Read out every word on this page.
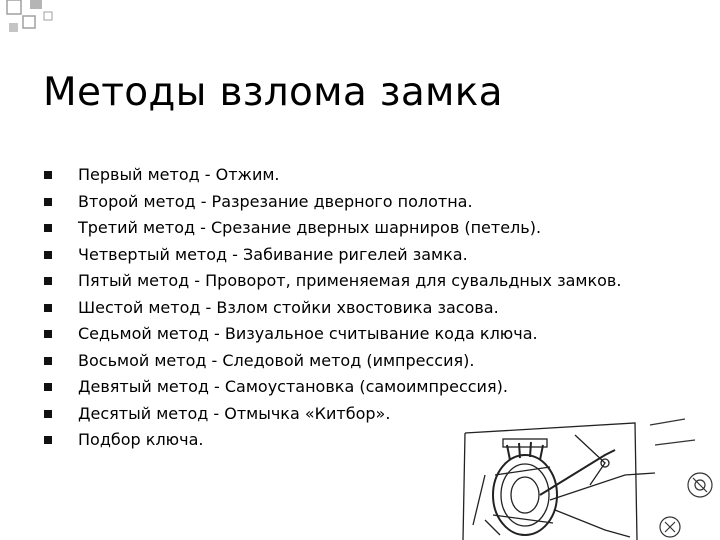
Методы взлома замка
Первый метод - Отжим.
Второй метод - Разрезание дверного полотна.
Третий метод - Срезание дверных шарниров (петель).
Четвертый метод - Забивание ригелей замка.
Пятый метод - Проворот, применяемая для сувальдных замков.
Шестой метод - Взлом стойки хвостовика засова.
Седьмой метод - Визуальное считывание кода ключа.
Восьмой метод - Следовой метод (импрессия).
Девятый метод - Самоустановка (самоимпрессия).
Десятый метод - Отмычка «Китбор».
Подбор ключа.
